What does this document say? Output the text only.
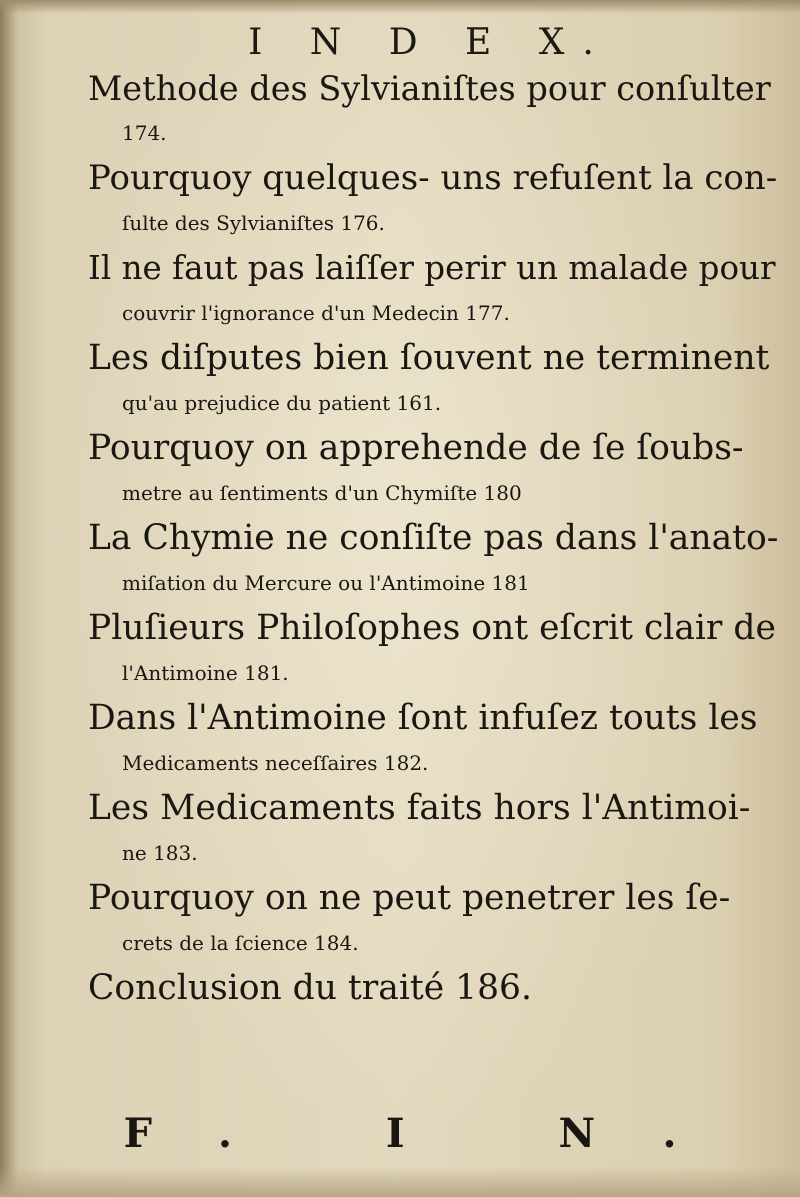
I N D E X.

Methode des Sylvianiſtes pour conſulter
174.

Pourquoy quelques- uns refuſent la con-
ſulte des Sylvianiſtes 176.

Il ne faut pas laiſſer perir un malade pour
couvrir l'ignorance d'un Medecin 177.

Les diſputes bien ſouvent ne terminent
qu'au prejudice du patient 161.

Pourquoy on apprehende de ſe ſoubs-
metre au ſentiments d'un Chymiſte 180

La Chymie ne conſiſte pas dans l'anato-
miſation du Mercure ou l'Antimoine 181

Pluſieurs Philoſophes ont eſcrit clair de
l'Antimoine 181.

Dans l'Antimoine ſont infuſez touts les
Medicaments neceſſaires 182.

Les Medicaments faits hors l'Antimoi-
ne 183.

Pourquoy on ne peut penetrer les ſe-
crets de la ſcience 184.

Conclusion du traité 186.

F. I N.
